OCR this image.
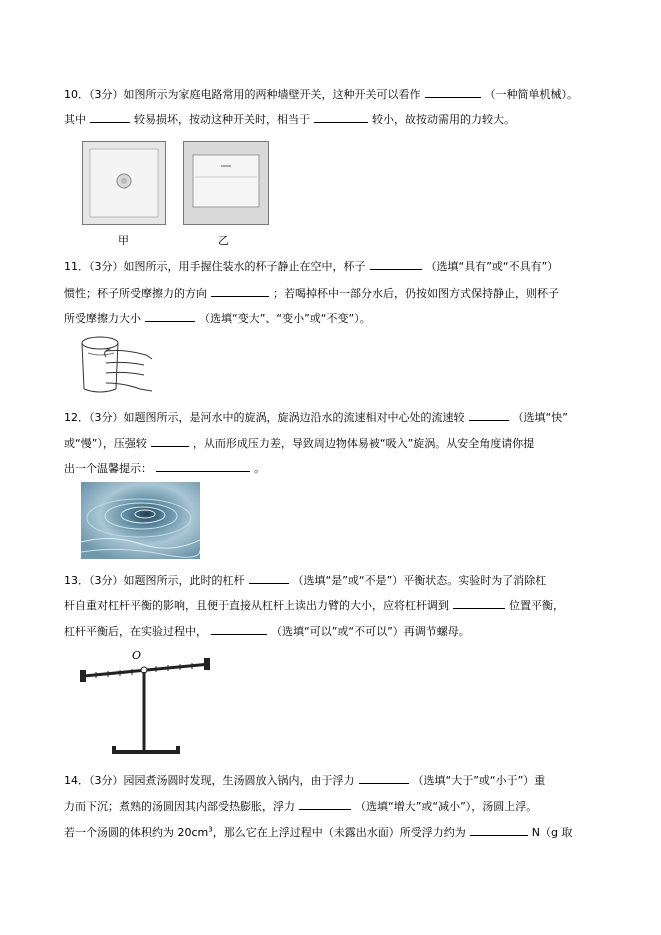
10．（3分）如图所示为家庭电路常用的两种墙壁开关，这种开关可以看作	（一种简单机械）。
其中	较易损坏，按动这种开关时，相当于	较小，故按动需用的力较大。
甲	乙
11．（3分）如图所示，用手握住装水的杯子静止在空中，杯子	（选填“具有”或“不具有”）
惯性；杯子所受摩擦力的方向	；若喝掉杯中一部分水后，仍按如图方式保持静止，则杯子
所受摩擦力大小	（选填“变大”、“变小”或“不变”）。
12．（3分）如题图所示，是河水中的旋涡，旋涡边沿水的流速相对中心处的流速较	（选填“快”
或“慢”），压强较	，从而形成压力差，导致周边物体易被“吸入”旋涡。从安全角度请你提
出一个温馨提示：	。
13．（3分）如题图所示，此时的杠杆	（选填“是”或“不是”）平衡状态。实验时为了消除杠
杆自重对杠杆平衡的影响，且便于直接从杠杆上读出力臂的大小，应将杠杆调到	位置平衡，
杠杆平衡后，在实验过程中，	（选填“可以”或“不可以”）再调节螺母。
O
14．（3分）园园煮汤圆时发现，生汤圆放入锅内，由于浮力	（选填“大于”或“小于”）重
力而下沉；煮熟的汤圆因其内部受热膨胀，浮力	（选填“增大”或“减小”），汤圆上浮。
若一个汤圆的体积约为 $20cm^3$，那么它在上浮过程中（未露出水面）所受浮力约为	N（g 取
